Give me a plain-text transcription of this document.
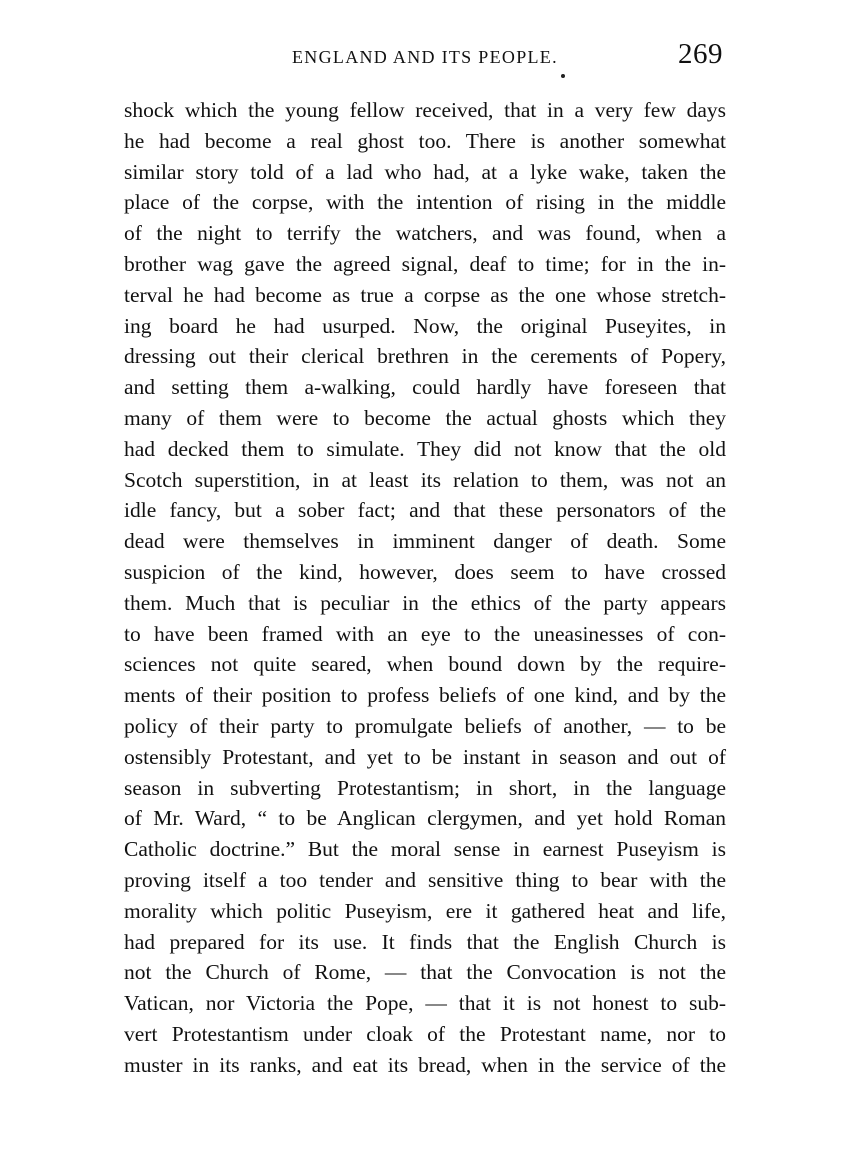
ENGLAND AND ITS PEOPLE.	269
shock which the young fellow received, that in a very few days
he had become a real ghost too. There is another somewhat
similar story told of a lad who had, at a lyke wake, taken the
place of the corpse, with the intention of rising in the middle
of the night to terrify the watchers, and was found, when a
brother wag gave the agreed signal, deaf to time; for in the in-
terval he had become as true a corpse as the one whose stretch-
ing board he had usurped. Now, the original Puseyites, in
dressing out their clerical brethren in the cerements of Popery,
and setting them a-walking, could hardly have foreseen that
many of them were to become the actual ghosts which they
had decked them to simulate. They did not know that the old
Scotch superstition, in at least its relation to them, was not an
idle fancy, but a sober fact; and that these personators of the
dead were themselves in imminent danger of death. Some
suspicion of the kind, however, does seem to have crossed
them. Much that is peculiar in the ethics of the party appears
to have been framed with an eye to the uneasinesses of con-
sciences not quite seared, when bound down by the require-
ments of their position to profess beliefs of one kind, and by the
policy of their party to promulgate beliefs of another, — to be
ostensibly Protestant, and yet to be instant in season and out of
season in subverting Protestantism; in short, in the language
of Mr. Ward, “ to be Anglican clergymen, and yet hold Roman
Catholic doctrine.” But the moral sense in earnest Puseyism is
proving itself a too tender and sensitive thing to bear with the
morality which politic Puseyism, ere it gathered heat and life,
had prepared for its use. It finds that the English Church is
not the Church of Rome, — that the Convocation is not the
Vatican, nor Victoria the Pope, — that it is not honest to sub-
vert Protestantism under cloak of the Protestant name, nor to
muster in its ranks, and eat its bread, when in the service of the
